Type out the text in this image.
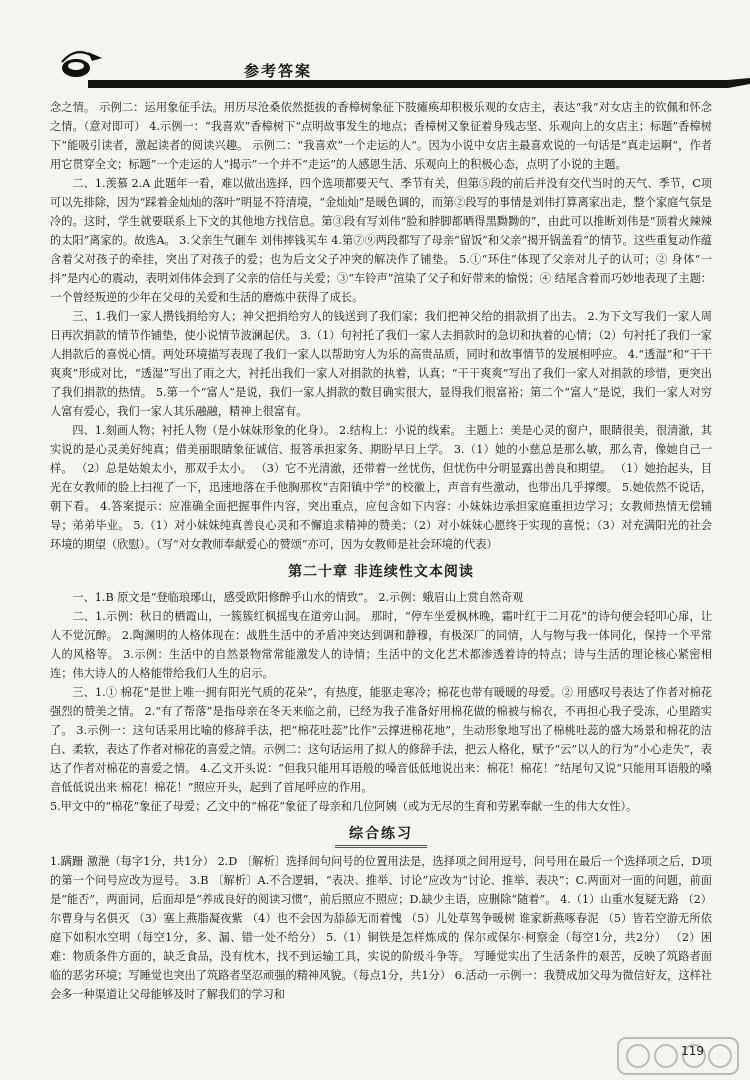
参考答案

念之情。 示例二：运用象征手法。用历尽沧桑依然挺拔的香樟树象征下肢瘫痪却积极乐观的女店主，表达“我”对女店主的钦佩和怀念之情。（意对即可） 4.示例一：“我喜欢”香樟树下“点明故事发生的地点；香樟树又象征着身残志坚、乐观向上的女店主；标题”香樟树下“能吸引读者，激起读者的阅读兴趣。 示例二：“我喜欢”一个走运的人“。因为小说中女店主最喜欢说的一句话是”真走运啊“，作者用它贯穿全文；标题”一个走运的人“揭示”一个并不“走运”的人感恩生活、乐观向上的积极心态，点明了小说的主题。

二、1.羡慕 2.A 此题年一看，难以做出选择，四个选项都要天气、季节有关，但第⑤段的前后并没有交代当时的天气、季节，C项可以先排除，因为“踩着金灿灿的落叶”明显不符清境，“金灿灿”是暖色调的，而第②段写的事情是刘伟打算离家出走，整个家庭气氛是冷的。这时，学生就要联系上下文的其他地方找信息。第③段有写刘伟“脸和脖脚都晒得黑黝黝的”，由此可以推断刘伟是“顶着火辣辣的太阳”离家的。故选A。 3.父亲生气砸车 刘伟摔钱买车 4.第⑦⑨两段都写了母亲“留饭”和父亲“揭开锅盖看”的情节。这些重复动作蕴含着父对孩子的牵挂，突出了对孩子的爱；也为后文父子冲突的解决作了铺垫。 5.①“环住”体现了父亲对儿子的认可；② 身体“一抖”是内心的震动，表明刘伟体会到了父亲的信任与关爱；③“车铃声”渲染了父子和好带来的愉悦；④ 结尾含着而巧妙地表现了主题：一个曾经叛逆的少年在父母的关爱和生活的磨炼中获得了成长。

三、1.我们一家人攒钱捐给穷人；神父把捐给穷人的钱送到了我们家；我们把神父给的捐款捐了出去。 2.为下文写我们一家人周日再次捐款的情节作铺垫，使小说情节波澜起伏。 3.（1）句衬托了我们一家人去捐款时的急切和执着的心情；（2）句衬托了我们一家人捐款后的喜悦心情。两处环境描写表现了我们一家人以帮助穷人为乐的高贵品质，同时和故事情节的发展相呼应。 4.“透湿”和“干干爽爽”形成对比，“透湿”写出了雨之大，衬托出我们一家人对捐款的执着，认真；“干干爽爽”写出了我们一家人对捐款的珍惜，更突出了我们捐款的热情。 5.第一个“富人”是说，我们一家人捐款的数目确实很大，显得我们很富裕；第二个“富人”是说，我们一家人对穷人富有爱心，我们一家人其乐融融，精神上很富有。

四、1.刻画人物；衬托人物（是小妹妹形象的化身）。 2.结构上：小说的线索。 主题上：美是心灵的窗户，眼睛很美，很清澈，其实说的是心灵美好纯真；借美丽眼睛象征诚信、报答承担家务、期盼早日上学。 3.（1）她的小慈总是那么敏，那么青，像她自己一样。 （2）总是姑娘太小，那双手太小。 （3）它不光清澈，还带着一丝忧伤，但忧伤中分明显露出善良和期望。 （1）她抬起头，目光在女教师的脸上扫视了一下，迅速地落在手他胸那枚“吉阳镇中学”的校徽上，声音有些激动，也带出几乎撑缨。 5.她依然不说话，朝下看。 4.答案提示：应准确全面把握事件内容，突出重点，应包含如下内容：小妹妹边承担家庭重担边学习；女教师热情无偿辅导；弟弟毕业。 5.（1）对小妹妹纯真善良心灵和不懈追求精神的赞美；（2）对小妹妹心愿终于实现的喜悦；（3）对充满阳光的社会环境的期望（欣慰）。（写“对女教师奉献爱心的赞颂”亦可，因为女教师是社会环境的代表）

第二十章 非连续性文本阅读

一、1.B 原文是“登临琅琊山，感受欧阳修醉乎山水的情致”。 2.示例：蛾眉山上赏自然奇观

二、1.示例：秋日的栖霞山，一簇簇红枫摇曳在道旁山洞。 那时，“停车坐爱枫林晚，霜叶红于二月花”的诗句便会轻叩心扉，让人不觉沉醉。 2.陶渊明的人格体现在：战胜生活中的矛盾冲突达到调和静穆，有极深厂的同情，人与物与我一体同化，保持一个平常人的风格等。 3.示例：生活中的自然景物常常能激发人的诗情；生活中的文化艺术都渗透着诗的特点；诗与生活的理论核心紧密相连；伟大诗人的人格能带给我们人生的启示。

三、1.① 棉花“是世上唯一拥有阳光气质的花朵”，有热度，能驱走寒冷；棉花也带有暖暖的母爱。② 用感叹号表达了作者对棉花强烈的赞美之情。 2.“有了帮落”是指母亲在冬天来临之前，已经为我子准备好用棉花做的棉被与棉衣，不再担心我子受冻，心里踏实了。 3.示例一：这句话采用比喻的修辞手法，把“棉花吐蕊”比作“云撑进棉花地”，生动形象地写出了棉桃吐蕊的盛大场景和棉花的洁白、柔软，表达了作者对棉花的喜爱之情。示例二：这句话运用了拟人的修辞手法，把云人格化，赋予“云”以人的行为“小心走失”，表达了作者对棉花的喜爱之情。 4.乙文开头说：“但我只能用耳语般的嗓音低低地说出来：棉花！棉花！”结尾句又说“只能用耳语般的嗓音低低说出来 棉花！棉花！”照应开头，起到了首尾呼应的作用。

5.甲文中的“棉花”象征了母爱；乙文中的“棉花”象征了母亲和几位阿姨（或为无尽的生育和劳累奉献一生的伟大女性）。

综合练习

1.蹒跚 激滟（每字1分，共1分） 2.D 〔解析〕选择间句问号的位置用法是，选择项之间用逗号，问号用在最后一个选择项之后，D项的第一个问号应改为逗号。 3.B 〔解析〕A.不合逻辑，“表决、推举、讨论”应改为“讨论、推举、表决”；C.两面对一面的问题，前面是“能否”，两面词，后面却是“养成良好的阅读习惯”，前后照应不照应；D.缺少主语，应删除“随着”。 4.（1）山重水复疑无路 （2）尔曹身与名俱灭 （3）塞上燕脂凝夜紫 （4）也不会因为舔舔无而着愧 （5）儿处草驾争暖树 谁家新燕啄春泥 （5）皆若空游无所依 庭下如积水空明（每空1分，多、漏、错一处不给分） 5.（1）铜铁是怎样炼成的 保尔或保尔·柯察金（每空1分，共2分） （2）困难：物质条件方面的，缺乏食品，没有枕木，找不到运输工具，实说的阶级斗争等。 写睡觉实出了生活条件的艰苦，反映了筑路者面临的恶劣环境；写睡觉也突出了筑路者坚忍顽强的精神风貌。（每点1分，共1分） 6.活动一示例一：我赞成加父母为微信好友，这样社会多一种渠道让父母能够及时了解我们的学习和

119
